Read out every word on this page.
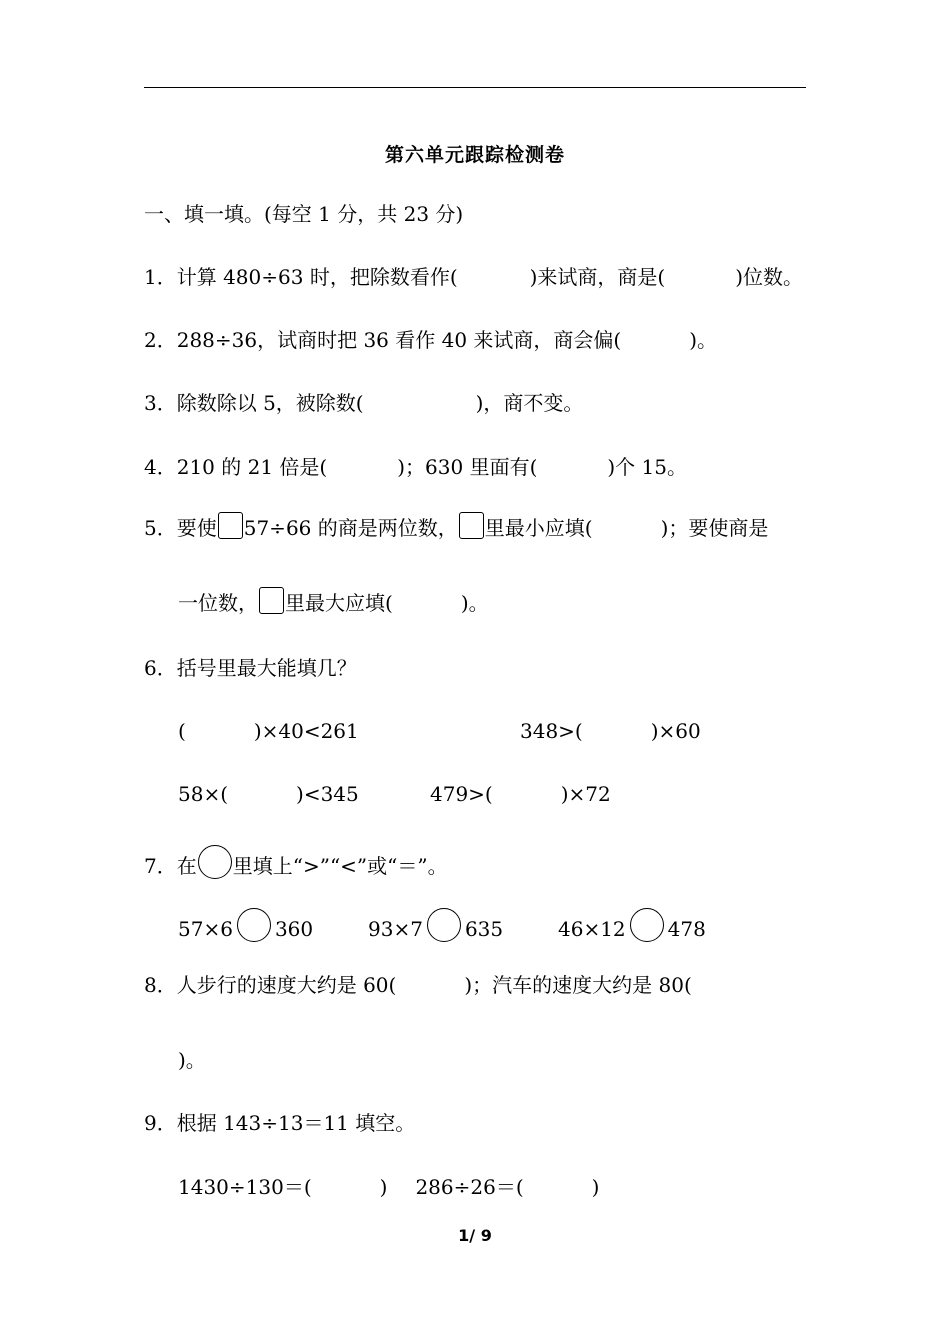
第六单元跟踪检测卷
一、填一填。(每空 1 分，共 23 分)
1．计算 480÷63 时，把除数看作(	)来试商，商是(	)位数。
2．288÷36，试商时把 36 看作 40 来试商，商会偏(	)。
3．除数除以 5，被除数(	)，商不变。
4．210 的 21 倍是(	)；630 里面有(	)个 15。
5．要使 57÷66 的商是两位数， 里最小应填(	)；要使商是
一位数， 里最大应填(	)。
6．括号里最大能填几？
(	)×40<261	348>(	)×60
58×(	)<345	479>(	)×72
7．在 里填上“>”“<”或“＝”。
57×6 360	93×7 635	46×12 478
8．人步行的速度大约是 60(	)；汽车的速度大约是 80(
)。
9．根据 143÷13＝11 填空。
1430÷130＝(	) 286÷26＝(	)
1/ 9
